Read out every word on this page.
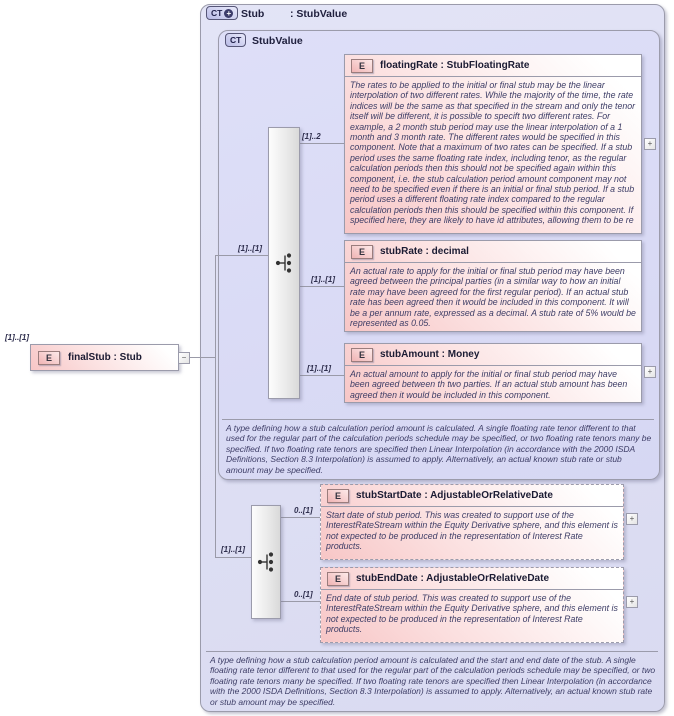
CT + Stub : StubValue
CT StubValue
[1]..[1]
E	finalStub : Stub	−
[1]..[1]
[1]..2
E	floatingRate : StubFloatingRate
The rates to be applied to the initial or final stub may be the linear interpolation of two different rates. While the majority of the time, the rate indices will be the same as that specified in the stream and only the tenor itself will be different, it is possible to specift two different rates. For example, a 2 month stub period may use the linear interpolation of a 1 month and 3 month rate. The different rates would be specified in this component. Note that a maximum of two rates can be specified. If a stub period uses the same floating rate index, including tenor, as the regular calculation periods then this should not be specified again within this component, i.e. the stub calculation period amount component may not need to be specified even if there is an initial or final stub period. If a stub period uses a different floating rate index compared to the regular calculation periods then this should be specified within this component. If specified here, they are likely to have id attributes, allowing them to be re
+
[1]..[1]
E	stubRate : decimal
An actual rate to apply for the initial or final stub period may have been agreed between the principal parties (in a similar way to how an initial rate may have been agreed for the first regular period). If an actual stub rate has been agreed then it would be included in this component. It will be a per annum rate, expressed as a decimal. A stub rate of 5% would be represented as 0.05.
[1]..[1]
E	stubAmount : Money
An actual amount to apply for the initial or final stub period may have been agreed between th two parties. If an actual stub amount has been agreed then it would be included in this component.
+
A type defining how a stub calculation period amount is calculated. A single floating rate tenor different to that used for the regular part of the calculation periods schedule may be specified, or two floating rate tenors many be specified. If two floating rate tenors are specified then Linear Interpolation (in accordance with the 2000 ISDA Definitions, Section 8.3 Interpolation) is assumed to apply. Alternatively, an actual known stub rate or stub amount may be specified.
[1]..[1]
0..[1]
E	stubStartDate : AdjustableOrRelativeDate
Start date of stub period. This was created to support use of the InterestRateStream within the Equity Derivative sphere, and this element is not expected to be produced in the representation of Interest Rate products.
+
0..[1]
E	stubEndDate : AdjustableOrRelativeDate
End date of stub period. This was created to support use of the InterestRateStream within the Equity Derivative sphere, and this element is not expected to be produced in the representation of Interest Rate products.
+
A type defining how a stub calculation period amount is calculated and the start and end date of the stub. A single floating rate tenor different to that used for the regular part of the calculation periods schedule may be specified, or two floating rate tenors many be specified. If two floating rate tenors are specified then Linear Interpolation (in accordance with the 2000 ISDA Definitions, Section 8.3 Interpolation) is assumed to apply. Alternatively, an actual known stub rate or stub amount may be specified.
